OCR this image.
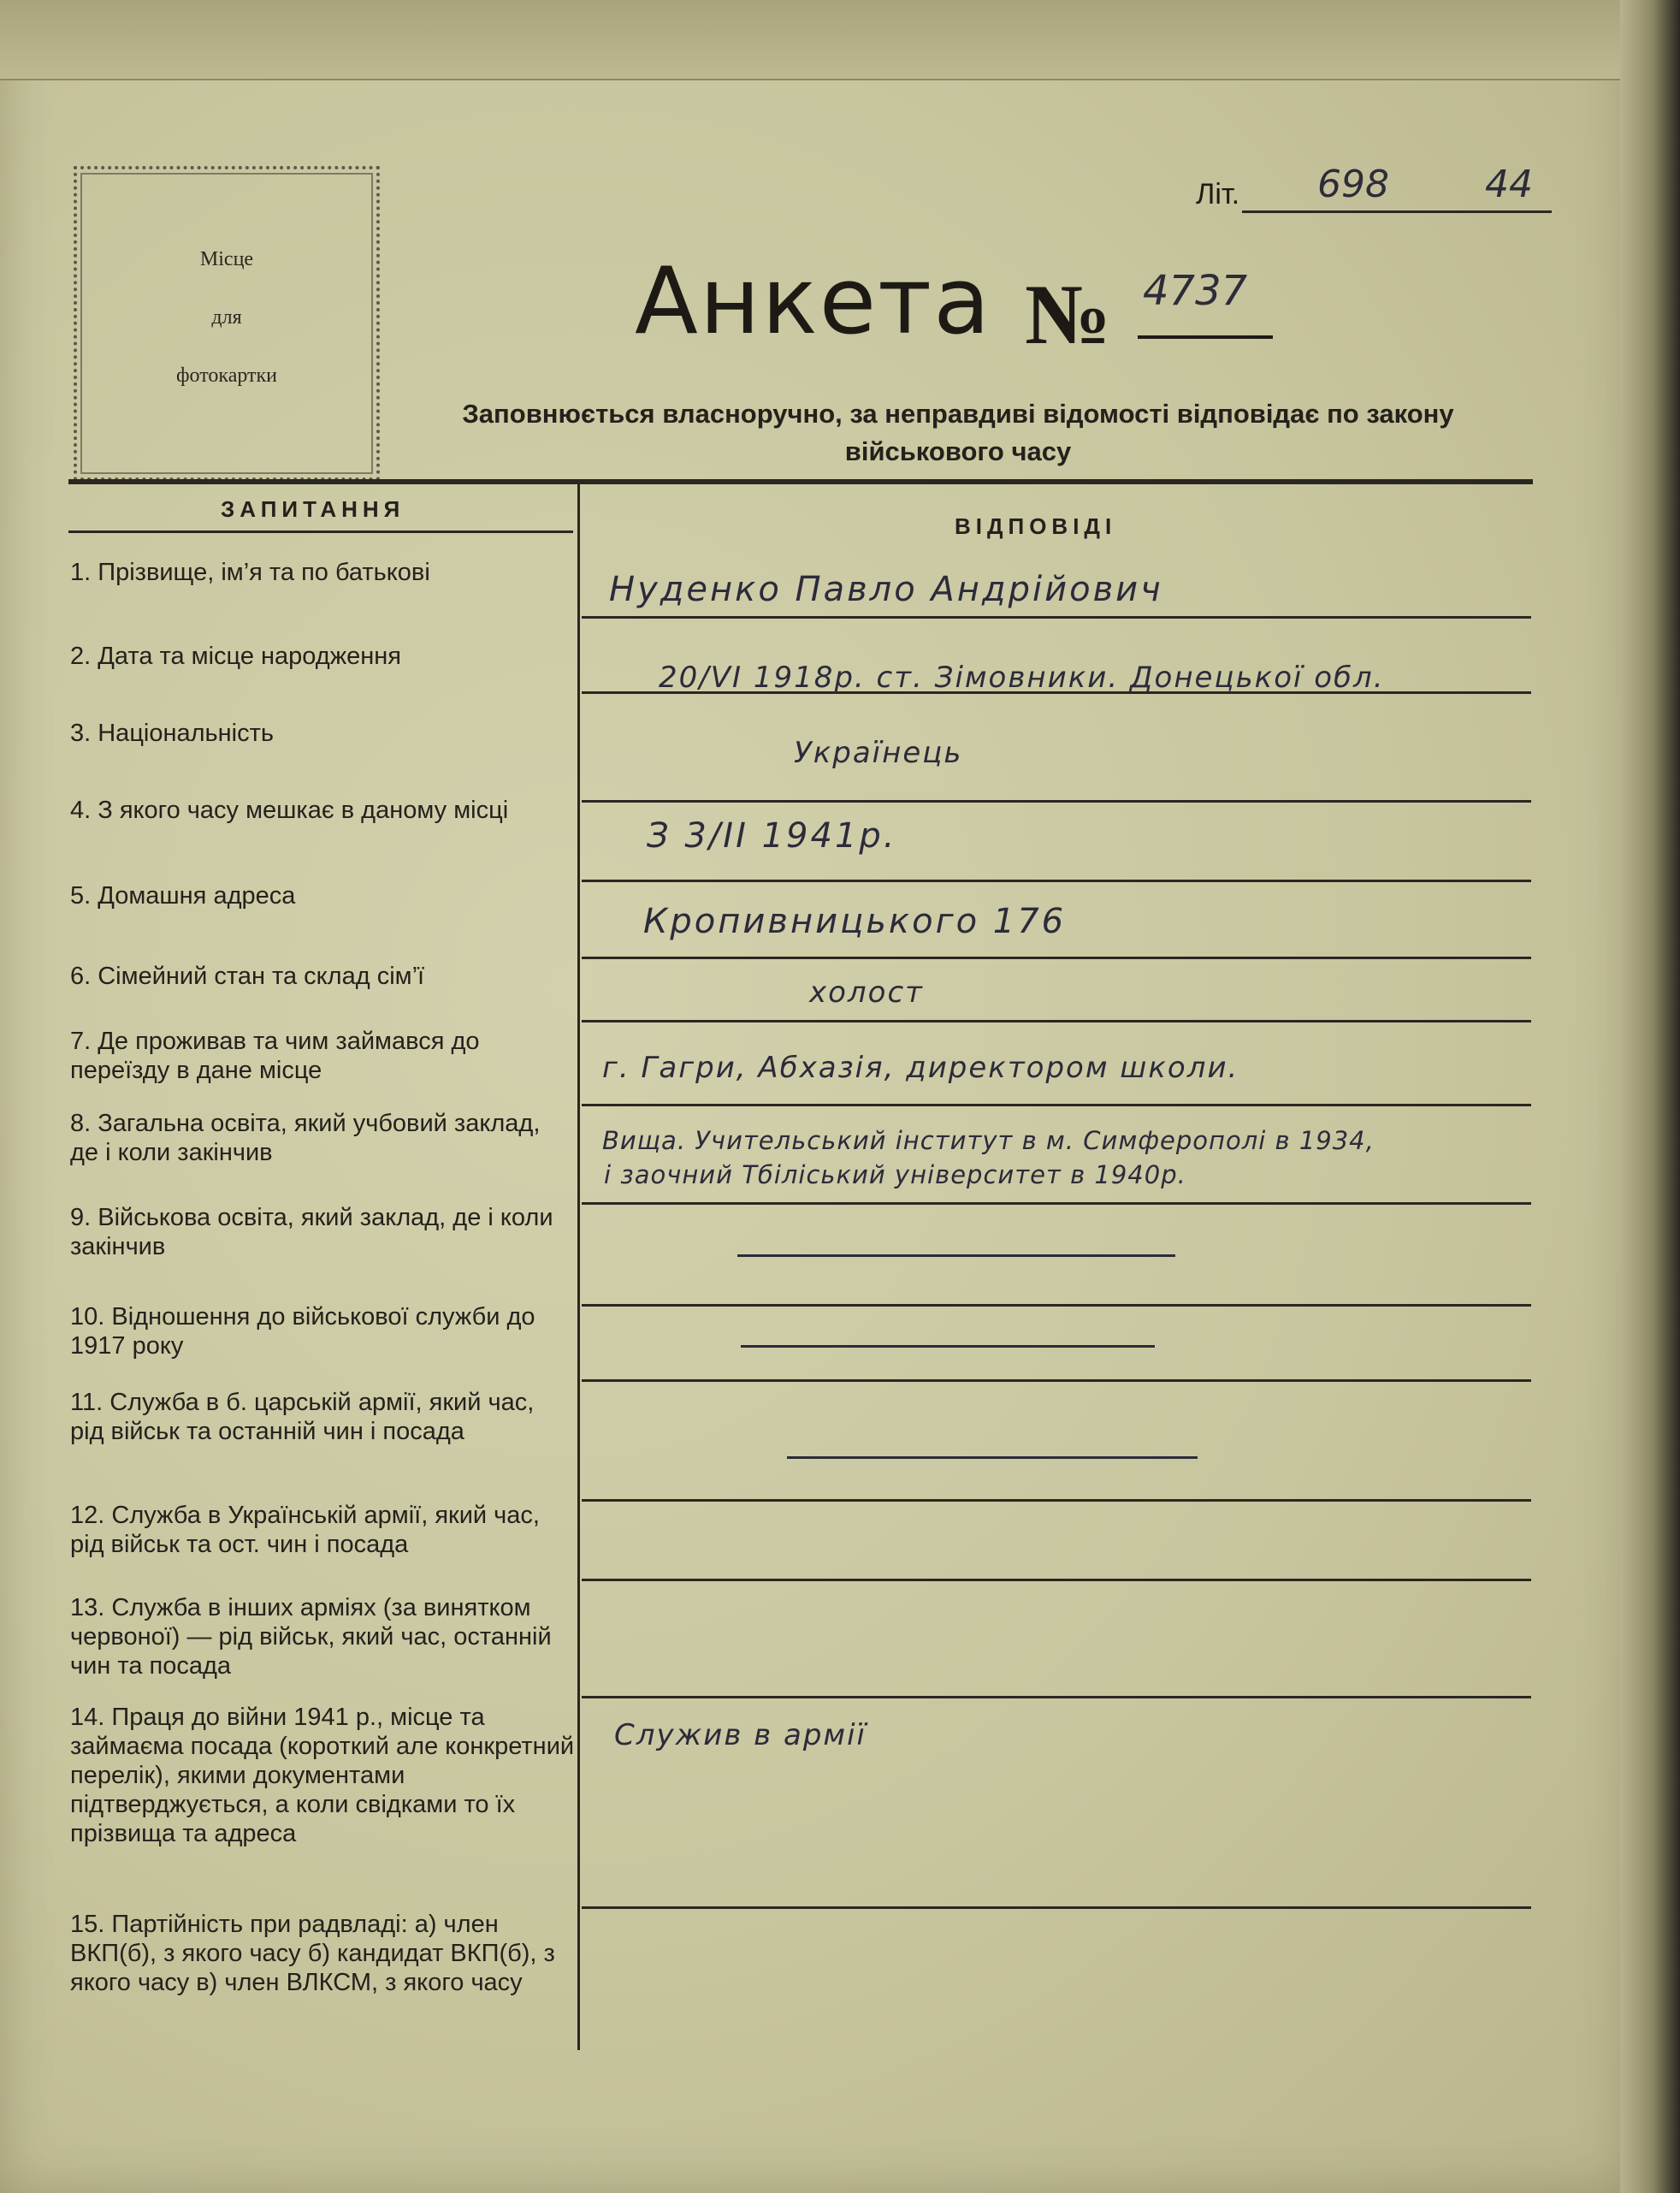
Місце
для
фотокартки
Літ. 698	44
Анкета № 4737
Заповнюється власноручно, за неправдиві відомості відповідає по закону
військового часу
ЗАПИТАННЯ
ВІДПОВІДІ
1. Прізвище, ім’я та по батькові
2. Дата та місце народження
3. Національність
4. З якого часу мешкає в даному місці
5. Домашня адреса
6. Сімейний стан та склад сім’ї
7. Де проживав та чим займався до переїзду в дане місце
8. Загальна освіта, який учбовий заклад, де і коли закінчив
9. Військова освіта, який заклад, де і коли закінчив
10. Відношення до військової служби до 1917 року
11. Служба в б. царській армії, який час, рід військ та останній чин і посада
12. Служба в Українській армії, який час, рід військ та ост. чин і посада
13. Служба в інших арміях (за винятком червоної) — рід військ, який час, останній чин та посада
14. Праця до війни 1941 р., місце та займаєма посада (короткий але конкретний перелік), якими документами підтверджується, а коли свідками то їх прізвища та адреса
15. Партійність при радвладі: а) член ВКП(б), з якого часу б) кандидат ВКП(б), з якого часу в) член ВЛКСМ, з якого часу
Нуденко Павло Андрійович
20/VI 1918р. ст. Зімовники. Донецької обл.
Українець
З 3/II 1941р.
Кропивницького 176
холост
г. Гагри, Абхазія, директором школи.
Вища. Учительський інститут в м. Симферополі в 1934,
і заочний Тбіліський університет в 1940р.
Служив в армії
